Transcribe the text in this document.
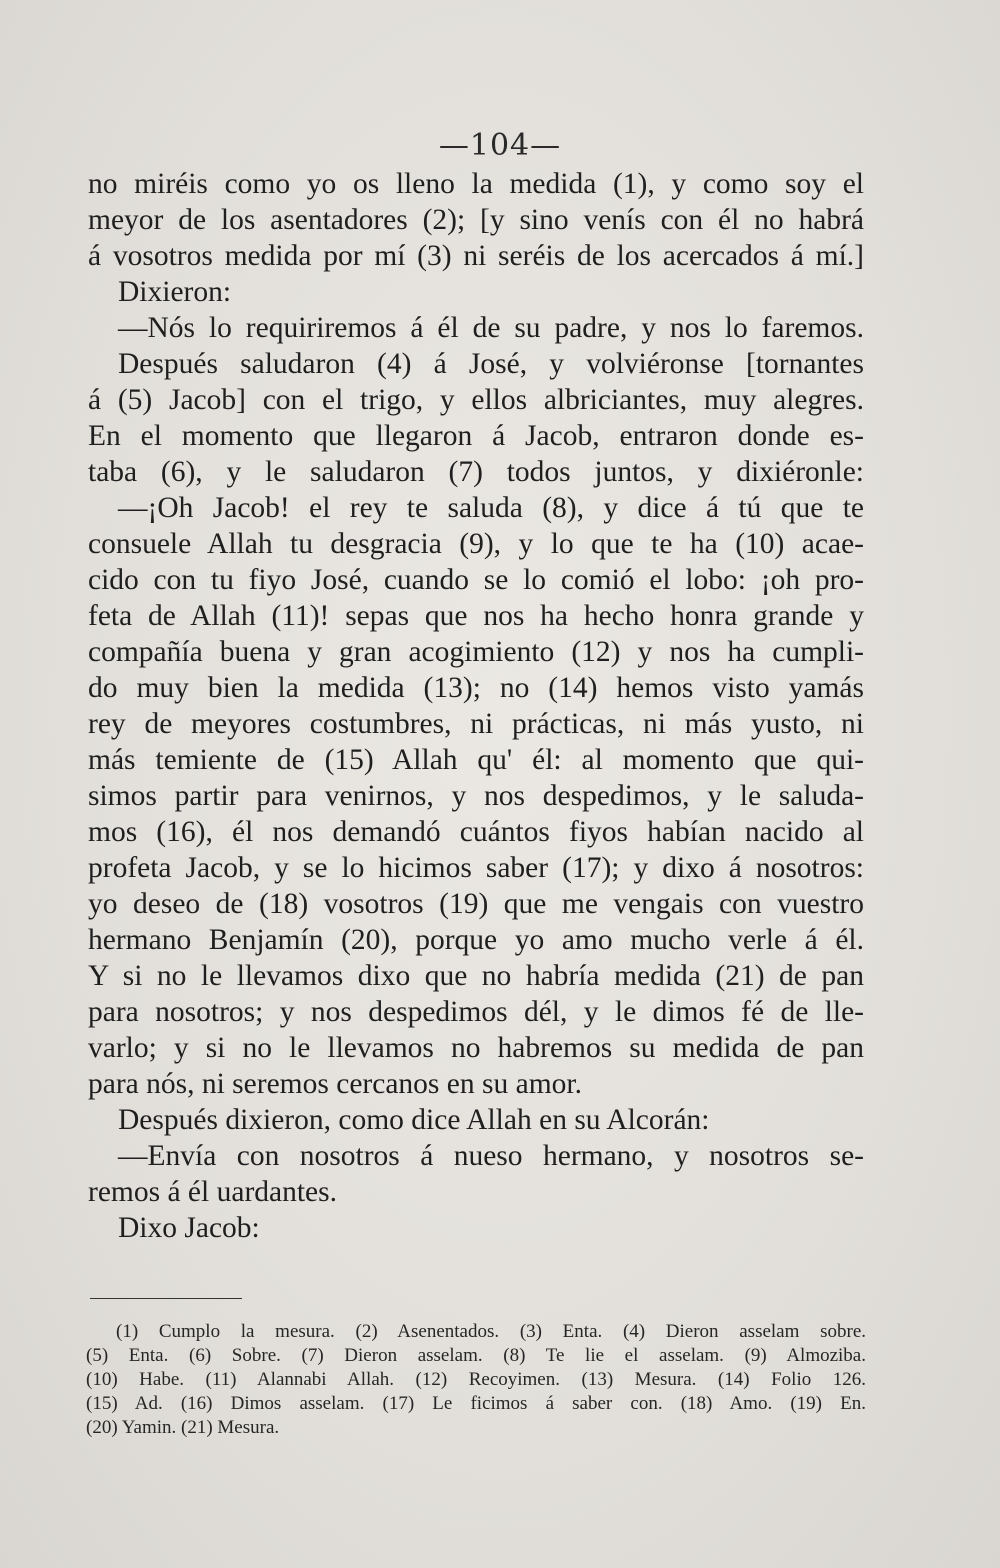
—104—
no miréis como yo os lleno la medida (1), y como soy el
meyor de los asentadores (2); [y sino venís con él no habrá
á vosotros medida por mí (3) ni seréis de los acercados á mí.]
Dixieron:
—Nós lo requiriremos á él de su padre, y nos lo faremos.
Después saludaron (4) á José, y volviéronse [tornantes
á (5) Jacob] con el trigo, y ellos albriciantes, muy alegres.
En el momento que llegaron á Jacob, entraron donde es-
taba (6), y le saludaron (7) todos juntos, y dixiéronle:
—¡Oh Jacob! el rey te saluda (8), y dice á tú que te
consuele Allah tu desgracia (9), y lo que te ha (10) acae-
cido con tu fiyo José, cuando se lo comió el lobo: ¡oh pro-
feta de Allah (11)! sepas que nos ha hecho honra grande y
compañía buena y gran acogimiento (12) y nos ha cumpli-
do muy bien la medida (13); no (14) hemos visto yamás
rey de meyores costumbres, ni prácticas, ni más yusto, ni
más temiente de (15) Allah qu' él: al momento que qui-
simos partir para venirnos, y nos despedimos, y le saluda-
mos (16), él nos demandó cuántos fiyos habían nacido al
profeta Jacob, y se lo hicimos saber (17); y dixo á nosotros:
yo deseo de (18) vosotros (19) que me vengais con vuestro
hermano Benjamín (20), porque yo amo mucho verle á él.
Y si no le llevamos dixo que no habría medida (21) de pan
para nosotros; y nos despedimos dél, y le dimos fé de lle-
varlo; y si no le llevamos no habremos su medida de pan
para nós, ni seremos cercanos en su amor.
Después dixieron, como dice Allah en su Alcorán:
—Envía con nosotros á nueso hermano, y nosotros se-
remos á él uardantes.
Dixo Jacob:
(1) Cumplo la mesura. (2) Asenentados. (3) Enta. (4) Dieron asselam sobre.
(5) Enta. (6) Sobre. (7) Dieron asselam. (8) Te lie el asselam. (9) Almoziba.
(10) Habe. (11) Alannabi Allah. (12) Recoyimen. (13) Mesura. (14) Folio 126.
(15) Ad. (16) Dimos asselam. (17) Le ficimos á saber con. (18) Amo. (19) En.
(20) Yamin. (21) Mesura.
